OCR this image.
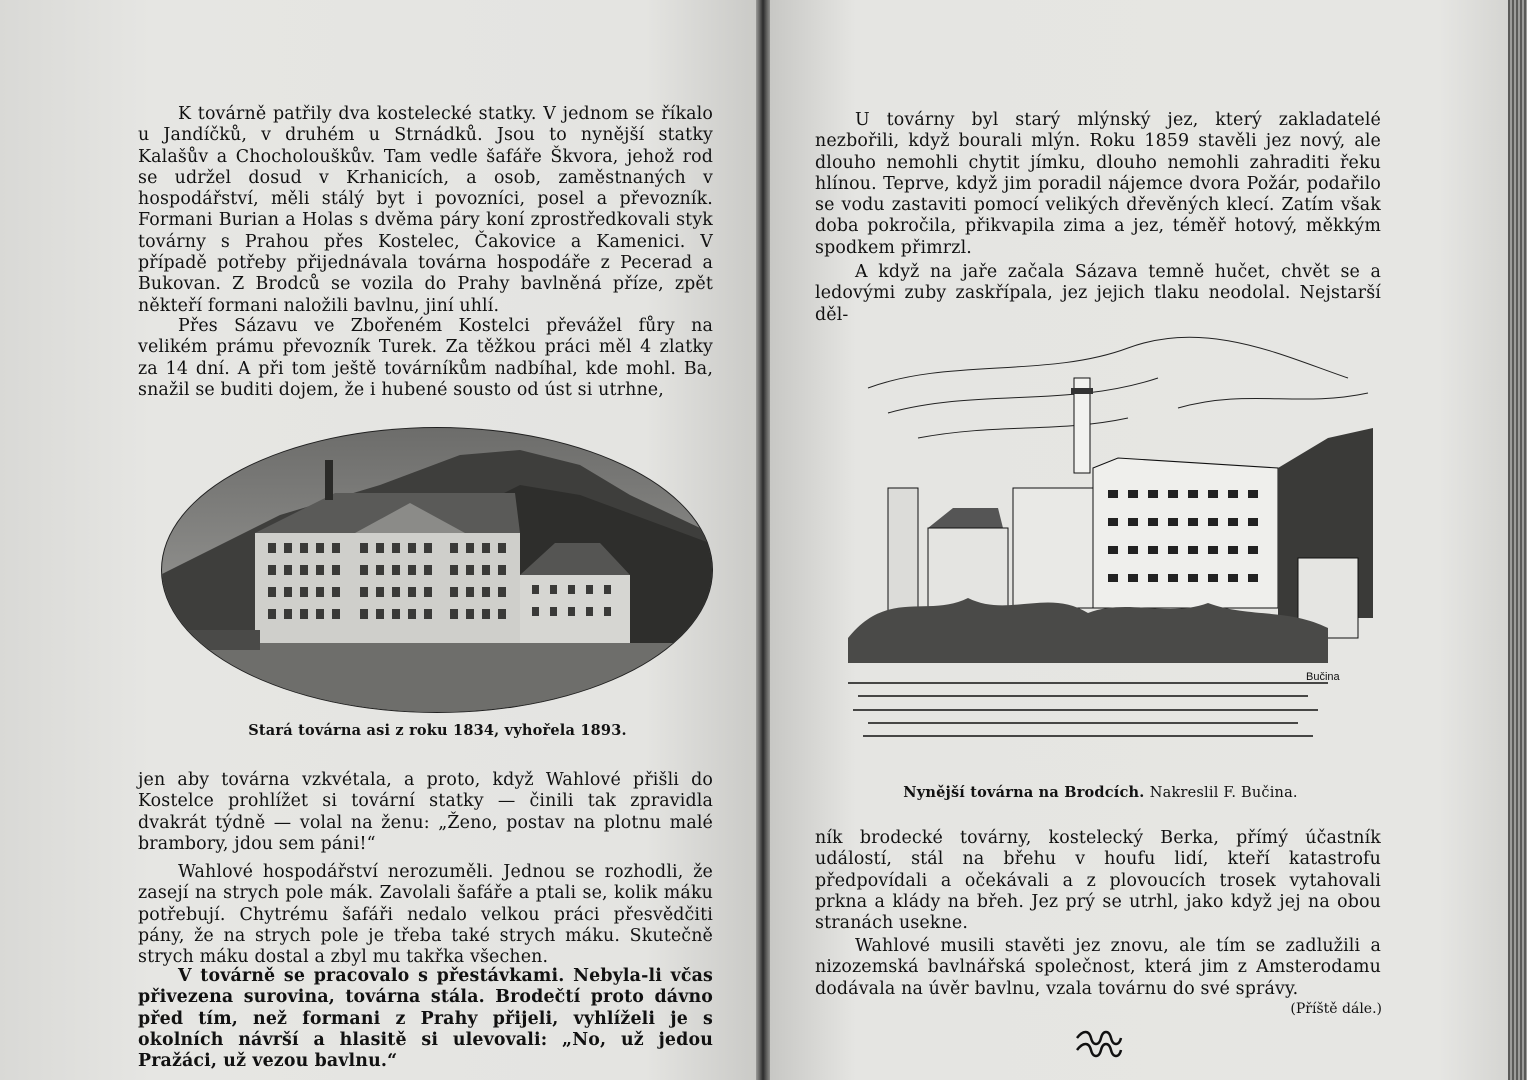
K továrně patřily dva kostelecké statky. V jednom se říkalo u Jandíčků, v druhém u Strnádků. Jsou to nynější statky Kalašův a Chocholouškův. Tam vedle šafáře Škvora, jehož rod se udržel dosud v Krhanicích, a osob, zaměstnaných v hospodářství, měli stálý byt i povozníci, posel a převozník. Formani Burian a Holas s dvěma páry koní zprostředkovali styk továrny s Prahou přes Kostelec, Čakovice a Kamenici. V případě potřeby přijednávala továrna hospodáře z Pecerad a Bukovan. Z Brodců se vozila do Prahy bavlněná příze, zpět někteří formani naložili bavlnu, jiní uhlí.

Přes Sázavu ve Zbořeném Kostelci převážel fůry na velikém prámu převozník Turek. Za těžkou práci měl 4 zlatky za 14 dní. A při tom ještě továrníkům nadbíhal, kde mohl. Ba, snažil se buditi dojem, že i hubené sousto od úst si utrhne,

Stará továrna asi z roku 1834, vyhořela 1893.

jen aby továrna vzkvétala, a proto, když Wahlové přišli do Kostelce prohlížet si tovární statky — činili tak zpravidla dvakrát týdně — volal na ženu: „Ženo, postav na plotnu malé brambory, jdou sem páni!“

Wahlové hospodářství nerozuměli. Jednou se rozhodli, že zasejí na strych pole mák. Zavolali šafáře a ptali se, kolik máku potřebují. Chytrému šafáři nedalo velkou práci přesvědčiti pány, že na strych pole je třeba také strych máku. Skutečně strych máku dostal a zbyl mu takřka všechen.

V továrně se pracovalo s přestávkami. Nebyla-li včas přivezena surovina, továrna stála. Brodečtí proto dávno před tím, než formani z Prahy přijeli, vyhlíželi je s okolních návrší a hlasitě si ulevovali: „No, už jedou Pražáci, už vezou bavlnu.“

U továrny byl starý mlýnský jez, který zakladatelé nezbořili, když bourali mlýn. Roku 1859 stavěli jez nový, ale dlouho nemohli chytit jímku, dlouho nemohli zahraditi řeku hlínou. Teprve, když jim poradil nájemce dvora Požár, podařilo se vodu zastaviti pomocí velikých dřevěných klecí. Zatím však doba pokročila, přikvapila zima a jez, téměř hotový, měkkým spodkem přimrzl.

A když na jaře začala Sázava temně hučet, chvět se a ledovými zuby zaskřípala, jez jejich tlaku neodolal. Nejstarší děl-

Bučina
Nynější továrna na Brodcích. Nakreslil F. Bučina.

ník brodecké továrny, kostelecký Berka, přímý účastník událostí, stál na břehu v houfu lidí, kteří katastrofu předpovídali a očekávali a z plovoucích trosek vytahovali prkna a klády na břeh. Jez prý se utrhl, jako když jej na obou stranách usekne.

Wahlové musili stavěti jez znovu, ale tím se zadlužili a nizozemská bavlnářská společnost, která jim z Amsterodamu dodávala na úvěr bavlnu, vzala továrnu do své správy.

(Příště dále.)
